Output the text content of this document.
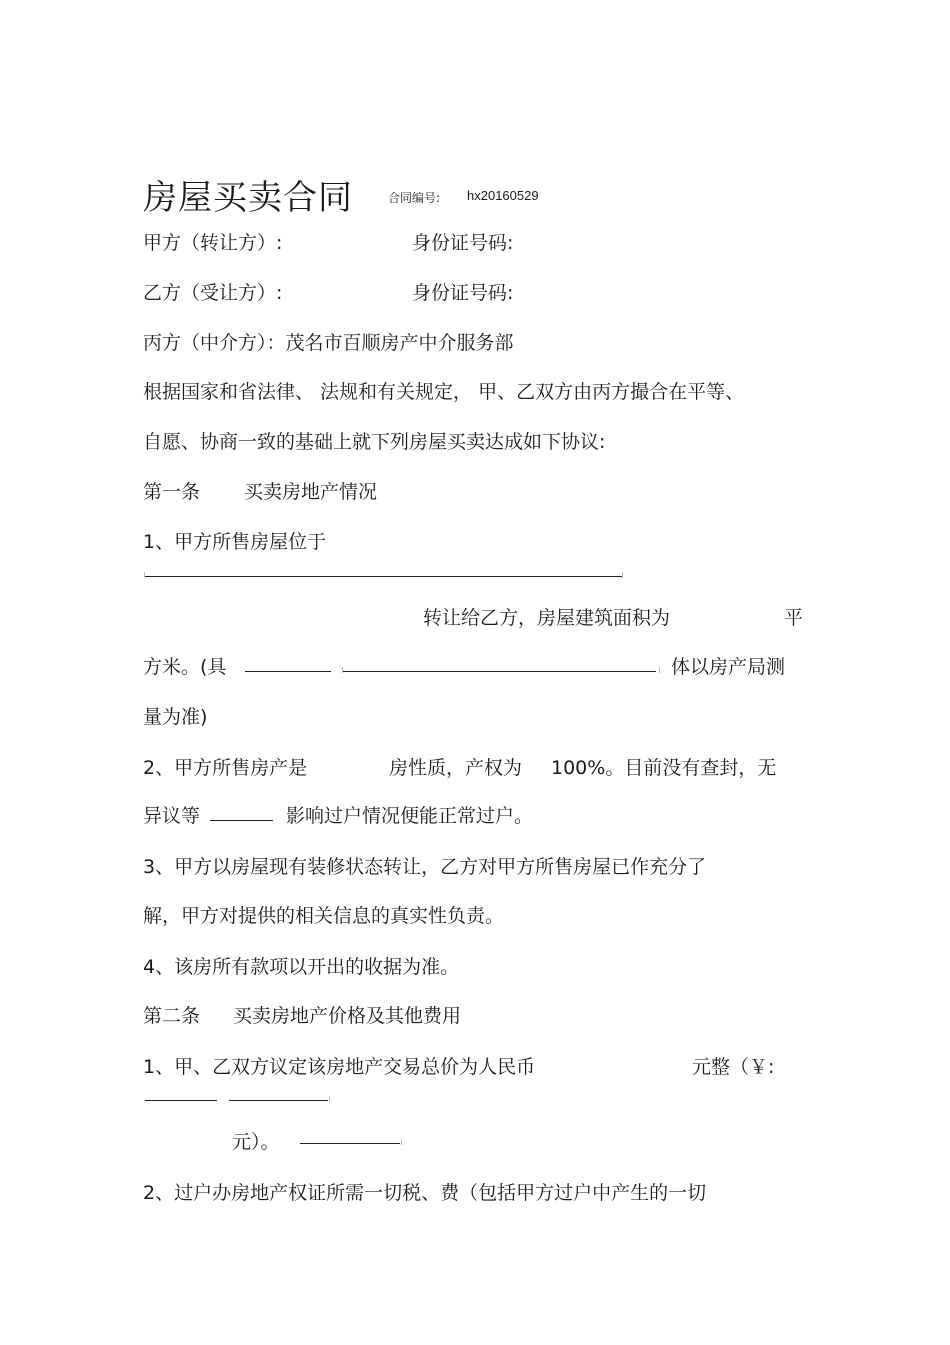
房屋买卖合同	合同编号: hx20160529
甲方（转让方）:	身份证号码:
乙方（受让方）:	身份证号码:
丙方（中介方）：茂名市百顺房产中介服务部
根据国家和省法律、 法规和有关规定， 甲、乙双方由丙方撮合在平等、
自愿、协商一致的基础上就下列房屋买卖达成如下协议:
第一条 买卖房地产情况
1、甲方所售房屋位于
转让给乙方，房屋建筑面积为	平
方米。(具	体以房产局测
量为准)
2、甲方所售房产是	房性质，产权为 100%。目前没有查封，无
异议等	影响过户情况便能正常过户。
3、甲方以房屋现有装修状态转让，乙方对甲方所售房屋已作充分了
解，甲方对提供的相关信息的真实性负责。
4、该房所有款项以开出的收据为准。
第二条 买卖房地产价格及其他费用
1、甲、乙双方议定该房地产交易总价为人民币	元整（￥:
元）。
2、过户办房地产权证所需一切税、费（包括甲方过户中产生的一切
